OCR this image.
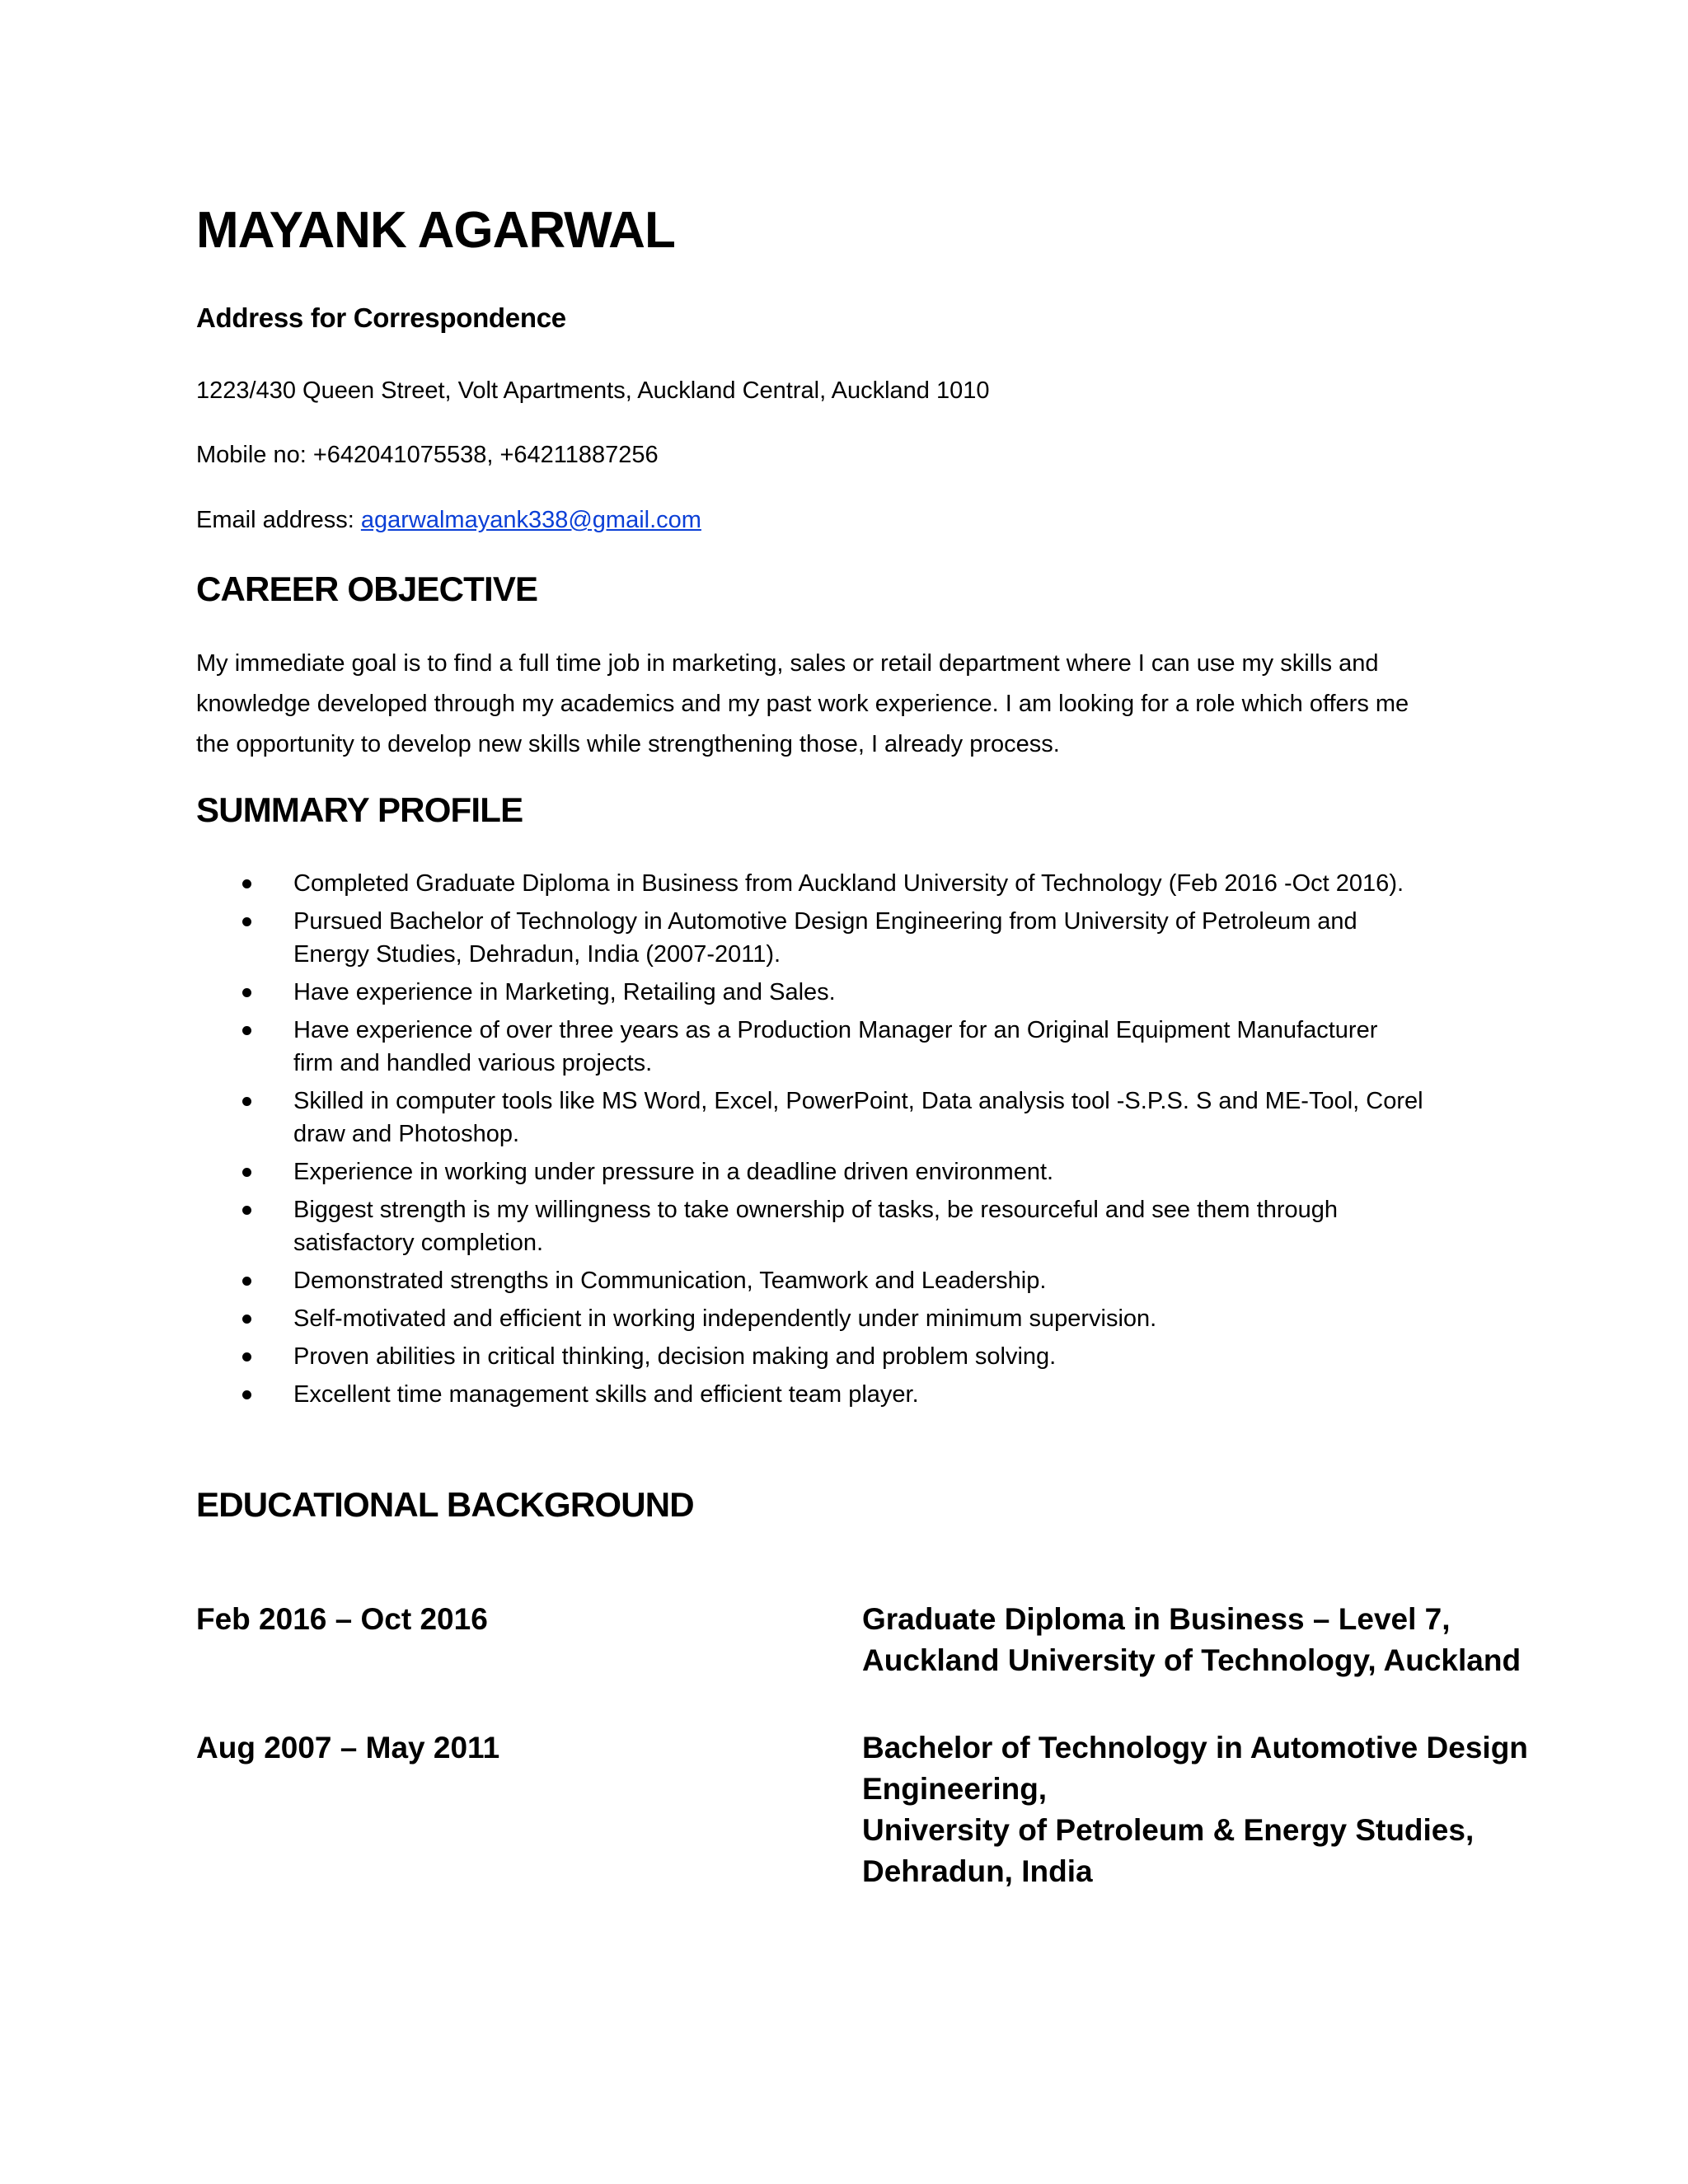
MAYANK AGARWAL
Address for Correspondence
1223/430 Queen Street, Volt Apartments, Auckland Central, Auckland 1010
Mobile no: +642041075538, +64211887256
Email address: agarwalmayank338@gmail.com
CAREER OBJECTIVE
My immediate goal is to find a full time job in marketing, sales or retail department where I can use my skills and
knowledge developed through my academics and my past work experience. I am looking for a role which offers me
the opportunity to develop new skills while strengthening those, I already process.
SUMMARY PROFILE
Completed Graduate Diploma in Business from Auckland University of Technology (Feb 2016 -Oct 2016).
Pursued Bachelor of Technology in Automotive Design Engineering from University of Petroleum and
Energy Studies, Dehradun, India (2007-2011).
Have experience in Marketing, Retailing and Sales.
Have experience of over three years as a Production Manager for an Original Equipment Manufacturer
firm and handled various projects.
Skilled in computer tools like MS Word, Excel, PowerPoint, Data analysis tool -S.P.S. S and ME-Tool, Corel
draw and Photoshop.
Experience in working under pressure in a deadline driven environment.
Biggest strength is my willingness to take ownership of tasks, be resourceful and see them through
satisfactory completion.
Demonstrated strengths in Communication, Teamwork and Leadership.
Self-motivated and efficient in working independently under minimum supervision.
Proven abilities in critical thinking, decision making and problem solving.
Excellent time management skills and efficient team player.
EDUCATIONAL BACKGROUND
Feb 2016 – Oct 2016	Graduate Diploma in Business – Level 7,
Auckland University of Technology, Auckland
Aug 2007 – May 2011	Bachelor of Technology in Automotive Design
Engineering,
University of Petroleum & Energy Studies,
Dehradun, India
